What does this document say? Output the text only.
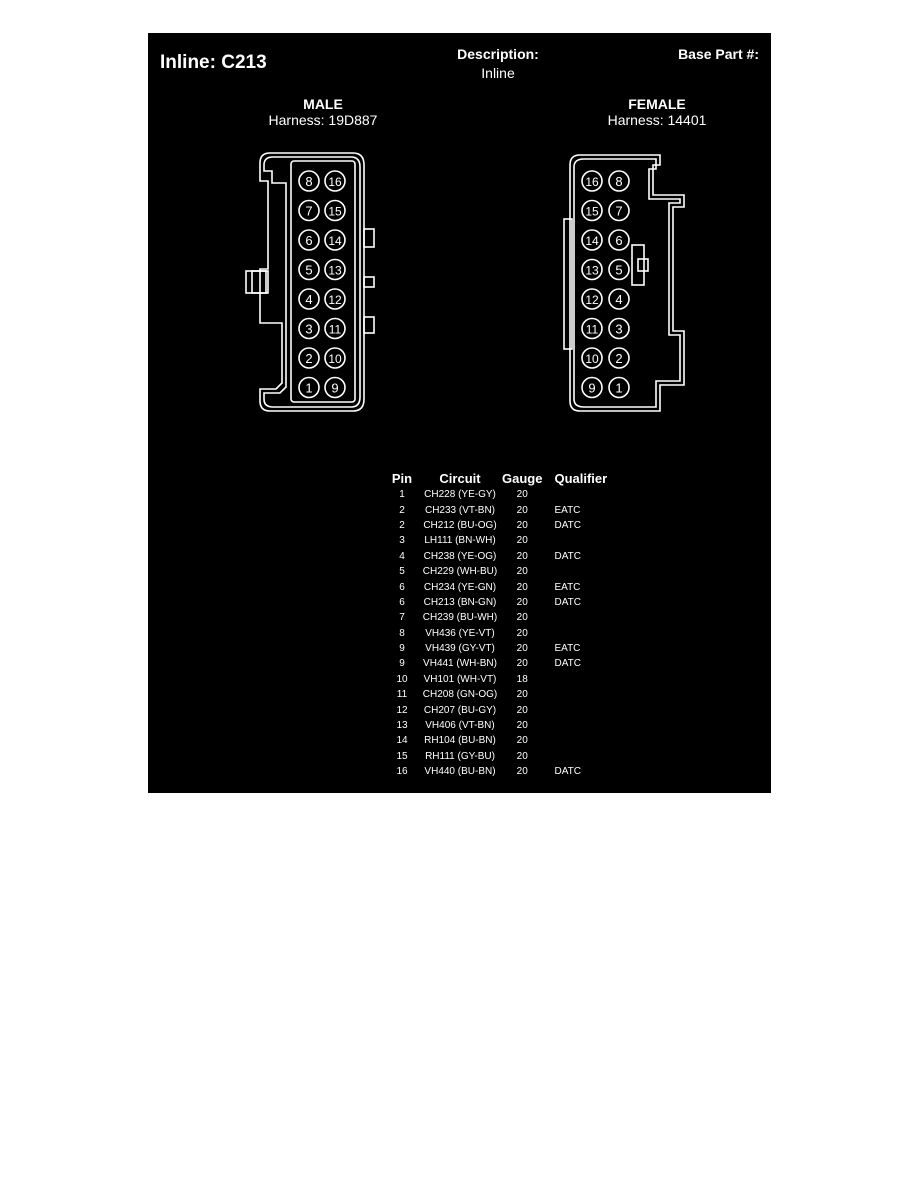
Inline: C213	Description:
Inline
Base Part #:
MALE
Harness: 19D887
FEMALE
Harness: 14401
8
7
6
5
4
3
2
1
16
15
14
13
12
11
10
9
16
15
14
13
12
11
10
9
8
7
6
5
4
3
2
1
Pin	Circuit	Gauge	Qualifier
1	CH228 (YE-GY)	20	
2	CH233 (VT-BN)	20	EATC
2	CH212 (BU-OG)	20	DATC
3	LH111 (BN-WH)	20	
4	CH238 (YE-OG)	20	DATC
5	CH229 (WH-BU)	20	
6	CH234 (YE-GN)	20	EATC
6	CH213 (BN-GN)	20	DATC
7	CH239 (BU-WH)	20	
8	VH436 (YE-VT)	20	
9	VH439 (GY-VT)	20	EATC
9	VH441 (WH-BN)	20	DATC
10	VH101 (WH-VT)	18	
11	CH208 (GN-OG)	20	
12	CH207 (BU-GY)	20	
13	VH406 (VT-BN)	20	
14	RH104 (BU-BN)	20	
15	RH111 (GY-BU)	20	
16	VH440 (BU-BN)	20	DATC
